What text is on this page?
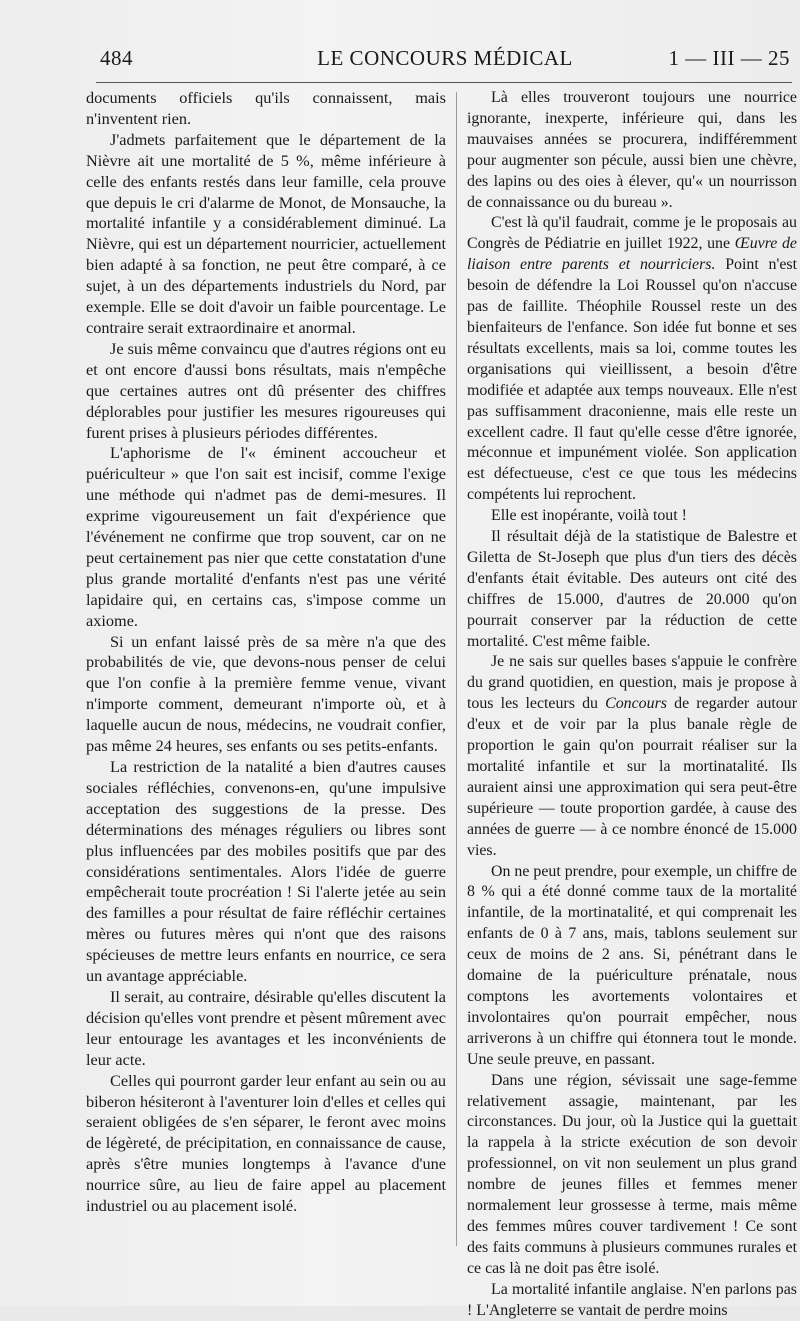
484	LE CONCOURS MÉDICAL	1 — III — 25

documents officiels qu'ils connaissent, mais n'inventent rien.

J'admets parfaitement que le département de la Nièvre ait une mortalité de 5 %, même inférieure à celle des enfants restés dans leur famille, cela prouve que depuis le cri d'alarme de Monot, de Monsauche, la mortalité infantile y a considérablement diminué. La Nièvre, qui est un département nourricier, actuellement bien adapté à sa fonction, ne peut être comparé, à ce sujet, à un des départements industriels du Nord, par exemple. Elle se doit d'avoir un faible pourcentage. Le contraire serait extraordinaire et anormal.

Je suis même convaincu que d'autres régions ont eu et ont encore d'aussi bons résultats, mais n'empêche que certaines autres ont dû présenter des chiffres déplorables pour justifier les mesures rigoureuses qui furent prises à plusieurs périodes différentes.

L'aphorisme de l'« éminent accoucheur et puériculteur » que l'on sait est incisif, comme l'exige une méthode qui n'admet pas de demi-mesures. Il exprime vigoureusement un fait d'expérience que l'événement ne confirme que trop souvent, car on ne peut certainement pas nier que cette constatation d'une plus grande mortalité d'enfants n'est pas une vérité lapidaire qui, en certains cas, s'impose comme un axiome.

Si un enfant laissé près de sa mère n'a que des probabilités de vie, que devons-nous penser de celui que l'on confie à la première femme venue, vivant n'importe comment, demeurant n'importe où, et à laquelle aucun de nous, médecins, ne voudrait confier, pas même 24 heures, ses enfants ou ses petits-enfants.

La restriction de la natalité a bien d'autres causes sociales réfléchies, convenons-en, qu'une impulsive acceptation des suggestions de la presse. Des déterminations des ménages réguliers ou libres sont plus influencées par des mobiles positifs que par des considérations sentimentales. Alors l'idée de guerre empêcherait toute procréation ! Si l'alerte jetée au sein des familles a pour résultat de faire réfléchir certaines mères ou futures mères qui n'ont que des raisons spécieuses de mettre leurs enfants en nourrice, ce sera un avantage appréciable.

Il serait, au contraire, désirable qu'elles discutent la décision qu'elles vont prendre et pèsent mûrement avec leur entourage les avantages et les inconvénients de leur acte.

Celles qui pourront garder leur enfant au sein ou au biberon hésiteront à l'aventurer loin d'elles et celles qui seraient obligées de s'en séparer, le feront avec moins de légèreté, de précipitation, en connaissance de cause, après s'être munies longtemps à l'avance d'une nourrice sûre, au lieu de faire appel au placement industriel ou au placement isolé.

Là elles trouveront toujours une nourrice ignorante, inexperte, inférieure qui, dans les mauvaises années se procurera, indifféremment pour augmenter son pécule, aussi bien une chèvre, des lapins ou des oies à élever, qu'« un nourrisson de connaissance ou du bureau ».

C'est là qu'il faudrait, comme je le proposais au Congrès de Pédiatrie en juillet 1922, une Œuvre de liaison entre parents et nourriciers. Point n'est besoin de défendre la Loi Roussel qu'on n'accuse pas de faillite. Théophile Roussel reste un des bienfaiteurs de l'enfance. Son idée fut bonne et ses résultats excellents, mais sa loi, comme toutes les organisations qui vieillissent, a besoin d'être modifiée et adaptée aux temps nouveaux. Elle n'est pas suffisamment draconienne, mais elle reste un excellent cadre. Il faut qu'elle cesse d'être ignorée, méconnue et impunément violée. Son application est défectueuse, c'est ce que tous les médecins compétents lui reprochent.

Elle est inopérante, voilà tout !

Il résultait déjà de la statistique de Balestre et Giletta de St-Joseph que plus d'un tiers des décès d'enfants était évitable. Des auteurs ont cité des chiffres de 15.000, d'autres de 20.000 qu'on pourrait conserver par la réduction de cette mortalité. C'est même faible.

Je ne sais sur quelles bases s'appuie le confrère du grand quotidien, en question, mais je propose à tous les lecteurs du Concours de regarder autour d'eux et de voir par la plus banale règle de proportion le gain qu'on pourrait réaliser sur la mortalité infantile et sur la mortinatalité. Ils auraient ainsi une approximation qui sera peut-être supérieure — toute proportion gardée, à cause des années de guerre — à ce nombre énoncé de 15.000 vies.

On ne peut prendre, pour exemple, un chiffre de 8 % qui a été donné comme taux de la mortalité infantile, de la mortinatalité, et qui comprenait les enfants de 0 à 7 ans, mais, tablons seulement sur ceux de moins de 2 ans. Si, pénétrant dans le domaine de la puériculture prénatale, nous comptons les avortements volontaires et involontaires qu'on pourrait empêcher, nous arriverons à un chiffre qui étonnera tout le monde. Une seule preuve, en passant.

Dans une région, sévissait une sage-femme relativement assagie, maintenant, par les circonstances. Du jour, où la Justice qui la guettait la rappela à la stricte exécution de son devoir professionnel, on vit non seulement un plus grand nombre de jeunes filles et femmes mener normalement leur grossesse à terme, mais même des femmes mûres couver tardivement ! Ce sont des faits communs à plusieurs communes rurales et ce cas là ne doit pas être isolé.

La mortalité infantile anglaise. N'en parlons pas ! L'Angleterre se vantait de perdre moins
